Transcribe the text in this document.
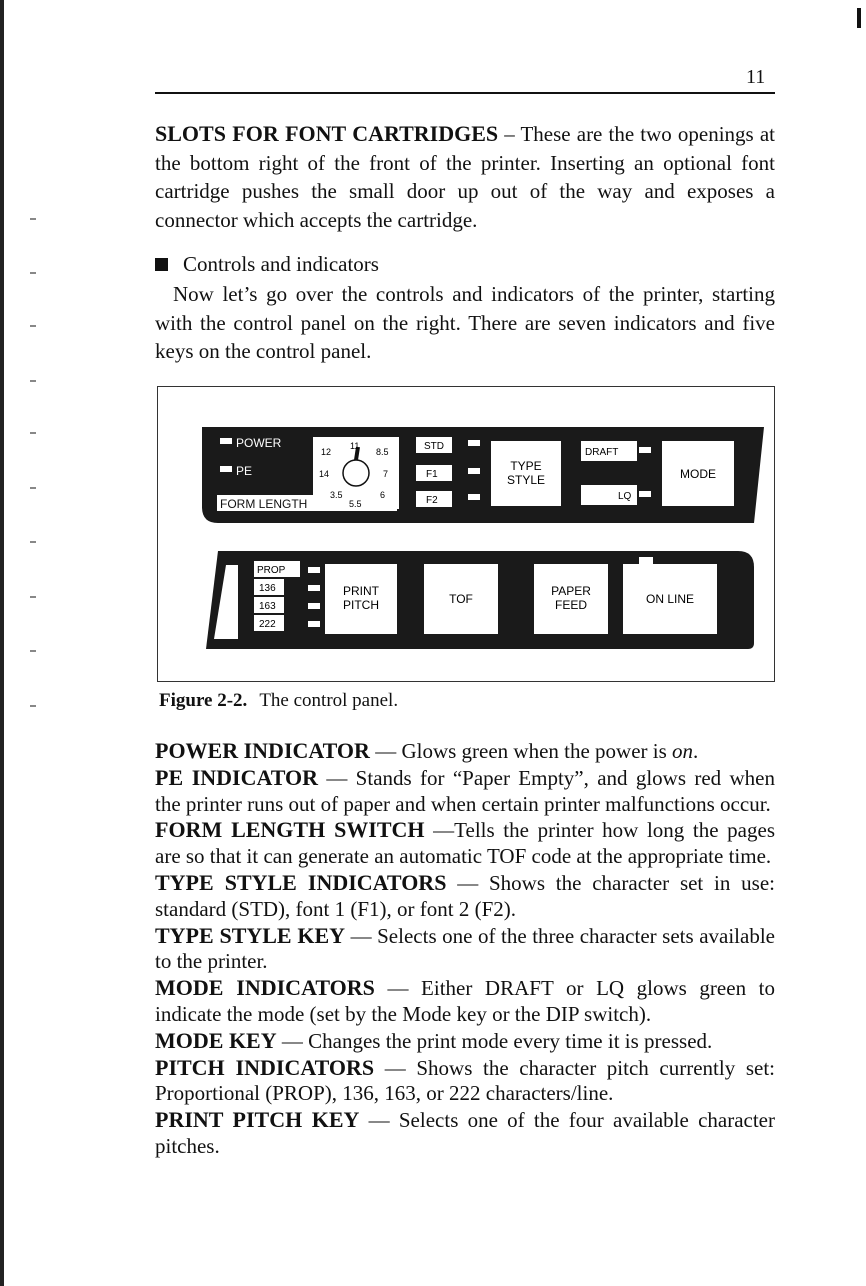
11

SLOTS FOR FONT CARTRIDGES – These are the two openings at the bottom right of the front of the printer. Inserting an optional font cartridge pushes the small door up out of the way and exposes a connector which accepts the cartridge.

Controls and indicators

Now let’s go over the controls and indicators of the printer, starting with the control panel on the right. There are seven indicators and five keys on the control panel.

POWER
PE
FORM LENGTH
12
11
8.5
14	7
3.5	6
5.5
STD
F1
F2
TYPE
STYLE
DRAFT
LQ
MODE
PROP
136
163
222
PRINT
PITCH	TOF
PAPER
FEED	ON LINE
Figure 2-2. The control panel.
POWER INDICATOR — Glows green when the power is on.
PE INDICATOR — Stands for “Paper Empty”, and glows red when the printer runs out of paper and when certain printer malfunctions occur.
FORM LENGTH SWITCH —Tells the printer how long the pages are so that it can generate an automatic TOF code at the appropriate time.
TYPE STYLE INDICATORS — Shows the character set in use: standard (STD), font 1 (F1), or font 2 (F2).
TYPE STYLE KEY — Selects one of the three character sets available to the printer.
MODE INDICATORS — Either DRAFT or LQ glows green to indicate the mode (set by the Mode key or the DIP switch).
MODE KEY — Changes the print mode every time it is pressed.
PITCH INDICATORS — Shows the character pitch currently set: Proportional (PROP), 136, 163, or 222 characters/line.
PRINT PITCH KEY — Selects one of the four available character pitches.
